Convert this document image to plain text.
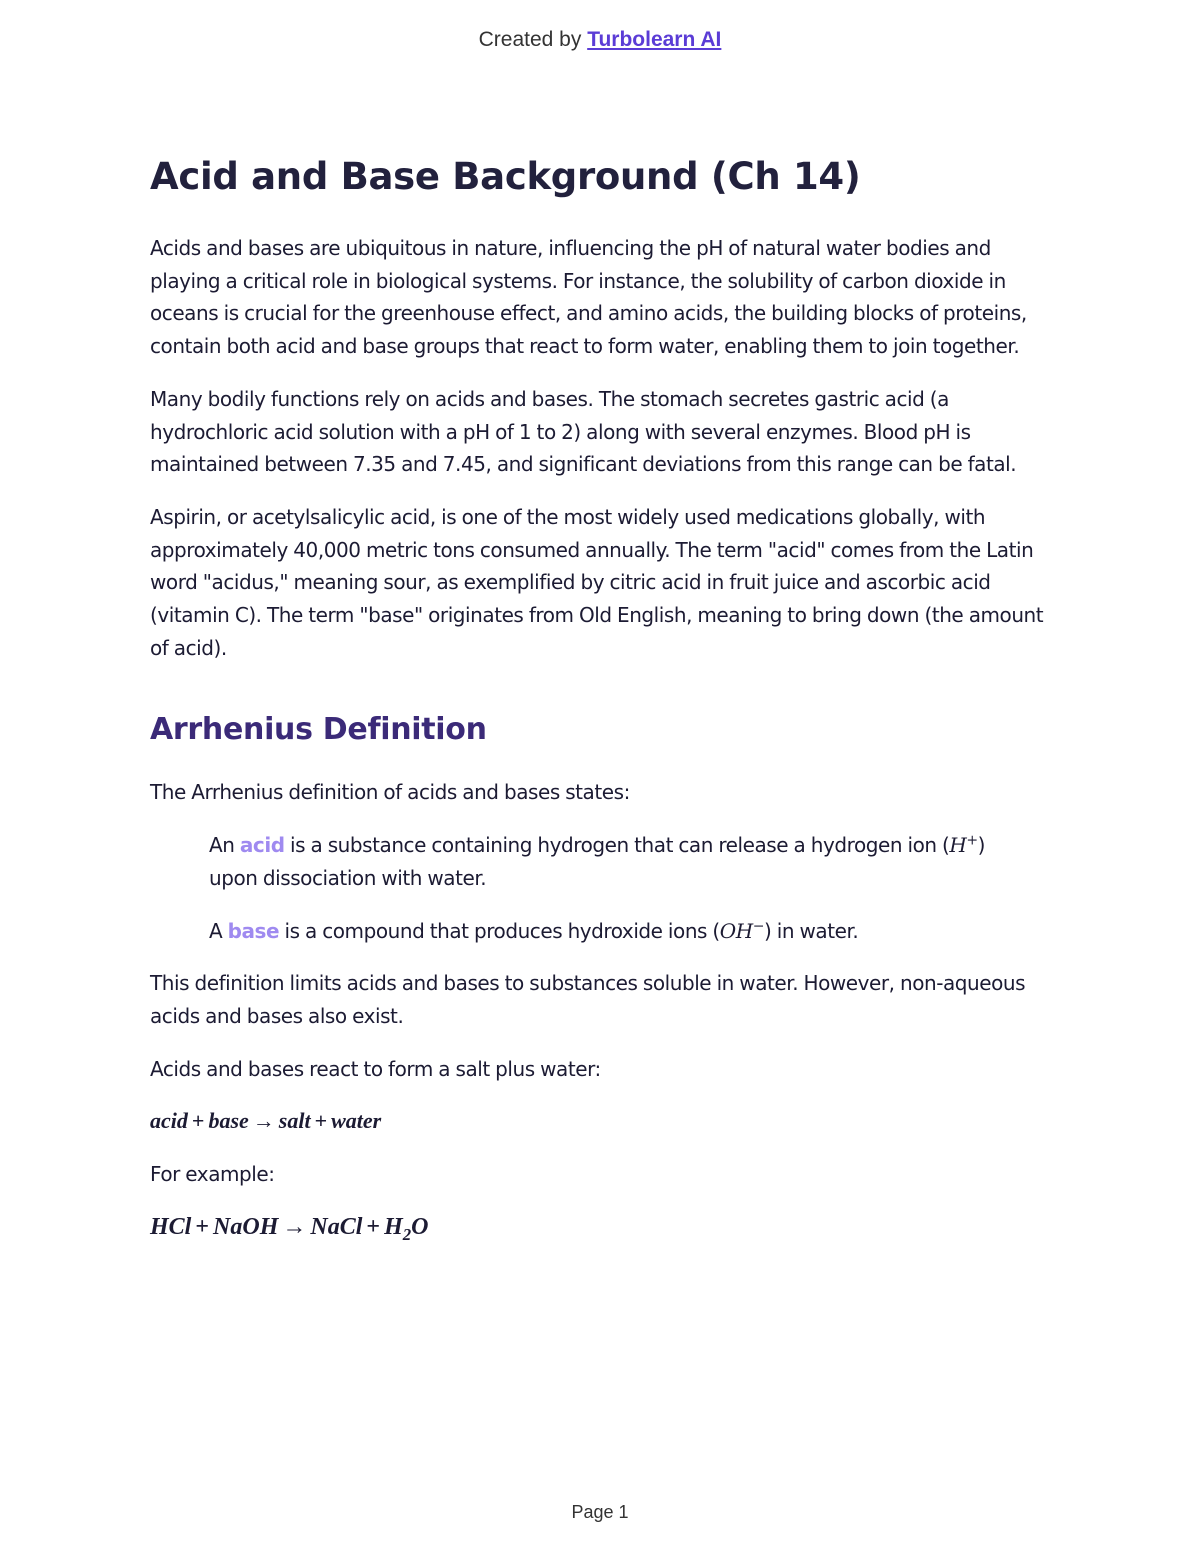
Created by Turbolearn AI
Acid and Base Background (Ch 14)

Acids and bases are ubiquitous in nature, influencing the pH of natural water bodies and playing a critical role in biological systems. For instance, the solubility of carbon dioxide in oceans is crucial for the greenhouse effect, and amino acids, the building blocks of proteins, contain both acid and base groups that react to form water, enabling them to join together.

Many bodily functions rely on acids and bases. The stomach secretes gastric acid (a hydrochloric acid solution with a pH of 1 to 2) along with several enzymes. Blood pH is maintained between 7.35 and 7.45, and significant deviations from this range can be fatal.

Aspirin, or acetylsalicylic acid, is one of the most widely used medications globally, with approximately 40,000 metric tons consumed annually. The term "acid" comes from the Latin word "acidus," meaning sour, as exemplified by citric acid in fruit juice and ascorbic acid (vitamin C). The term "base" originates from Old English, meaning to bring down (the amount of acid).

Arrhenius Definition

The Arrhenius definition of acids and bases states:

An acid is a substance containing hydrogen that can release a hydrogen ion (H+) upon dissociation with water.

A base is a compound that produces hydroxide ions (OH−) in water.

This definition limits acids and bases to substances soluble in water. However, non-aqueous acids and bases also exist.

Acids and bases react to form a salt plus water:

acid + base → salt + water

For example:

HCl + NaOH → NaCl + $H_2O$

Page 1
